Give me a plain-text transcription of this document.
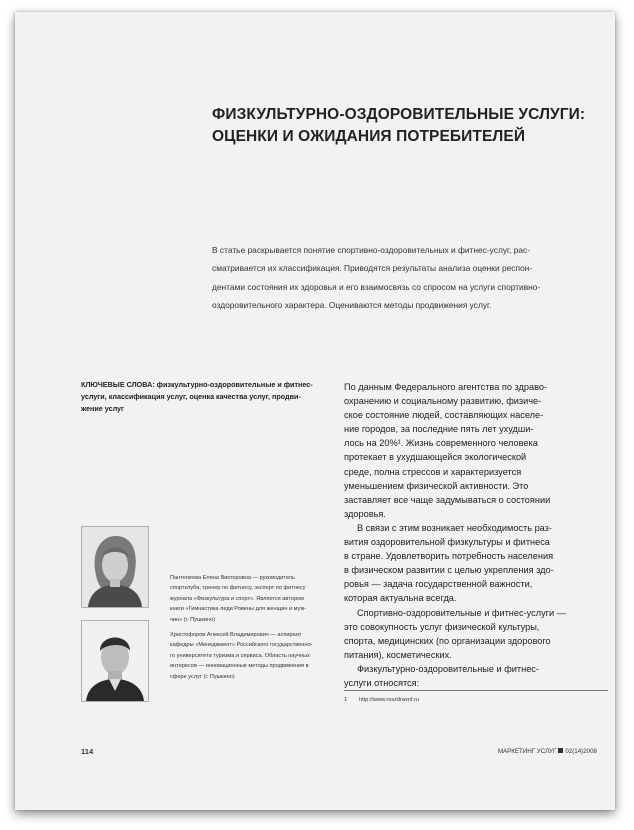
ФИЗКУЛЬТУРНО-ОЗДОРОВИТЕЛЬНЫЕ УСЛУГИ:
ОЦЕНКИ И ОЖИДАНИЯ ПОТРЕБИТЕЛЕЙ
В статье раскрывается понятие спортивно-оздоровительных и фитнес-услуг, рас-
сматривается их классификация. Приводятся результаты анализа оценки респон-
дентами состояния их здоровья и его взаимосвязь со спросом на услуги спортивно-
оздоровительного характера. Оцениваются методы продвижения услуг.
КЛЮЧЕВЫЕ СЛОВА: физкультурно-оздоровительные и фитнес-
услуги, классификация услуг, оценка качества услуг, продви-
жение услуг
Пантелеева Елена Викторовна — руководитель
спортклуба, тренер по фитнесу, эксперт по фитнесу
журнала «Физкультура и спорт». Является автором
книги «Гимнастика леди Ровены для женщин и муж-
чин» (г. Пушкино)
Христофоров Алексей Владимирович — аспирант
кафедры «Менеджмент» Российского государственно-
го университета туризма и сервиса. Область научных
интересов — инновационные методы продвижения в
сфере услуг (г. Пушкино)
По данным Федерального агентства по здраво-
охранению и социальному развитию, физиче-
ское состояние людей, составляющих населе-
ние городов, за последние пять лет ухудши-
лось на 20%¹. Жизнь современного человека
протекает в ухудшающейся экологической
среде, полна стрессов и характеризуется
уменьшением физической активности. Это
заставляет все чаще задумываться о состоянии
здоровья.
В связи с этим возникает необходимость раз-
вития оздоровительной физкультуры и фитнеса
в стране. Удовлетворить потребность населения
в физическом развитии с целью укрепления здо-
ровья — задача государственной важности,
которая актуальна всегда.
Спортивно-оздоровительные и фитнес-услуги —
это совокупность услуг физической культуры,
спорта, медицинских (по организации здорового
питания), косметических.
Физкультурно-оздоровительные и фитнес-
услуги относятся:
1 http://www.roszdravnf.ru
114	МАРКЕТИНГ УСЛУГ 02(14)2008
